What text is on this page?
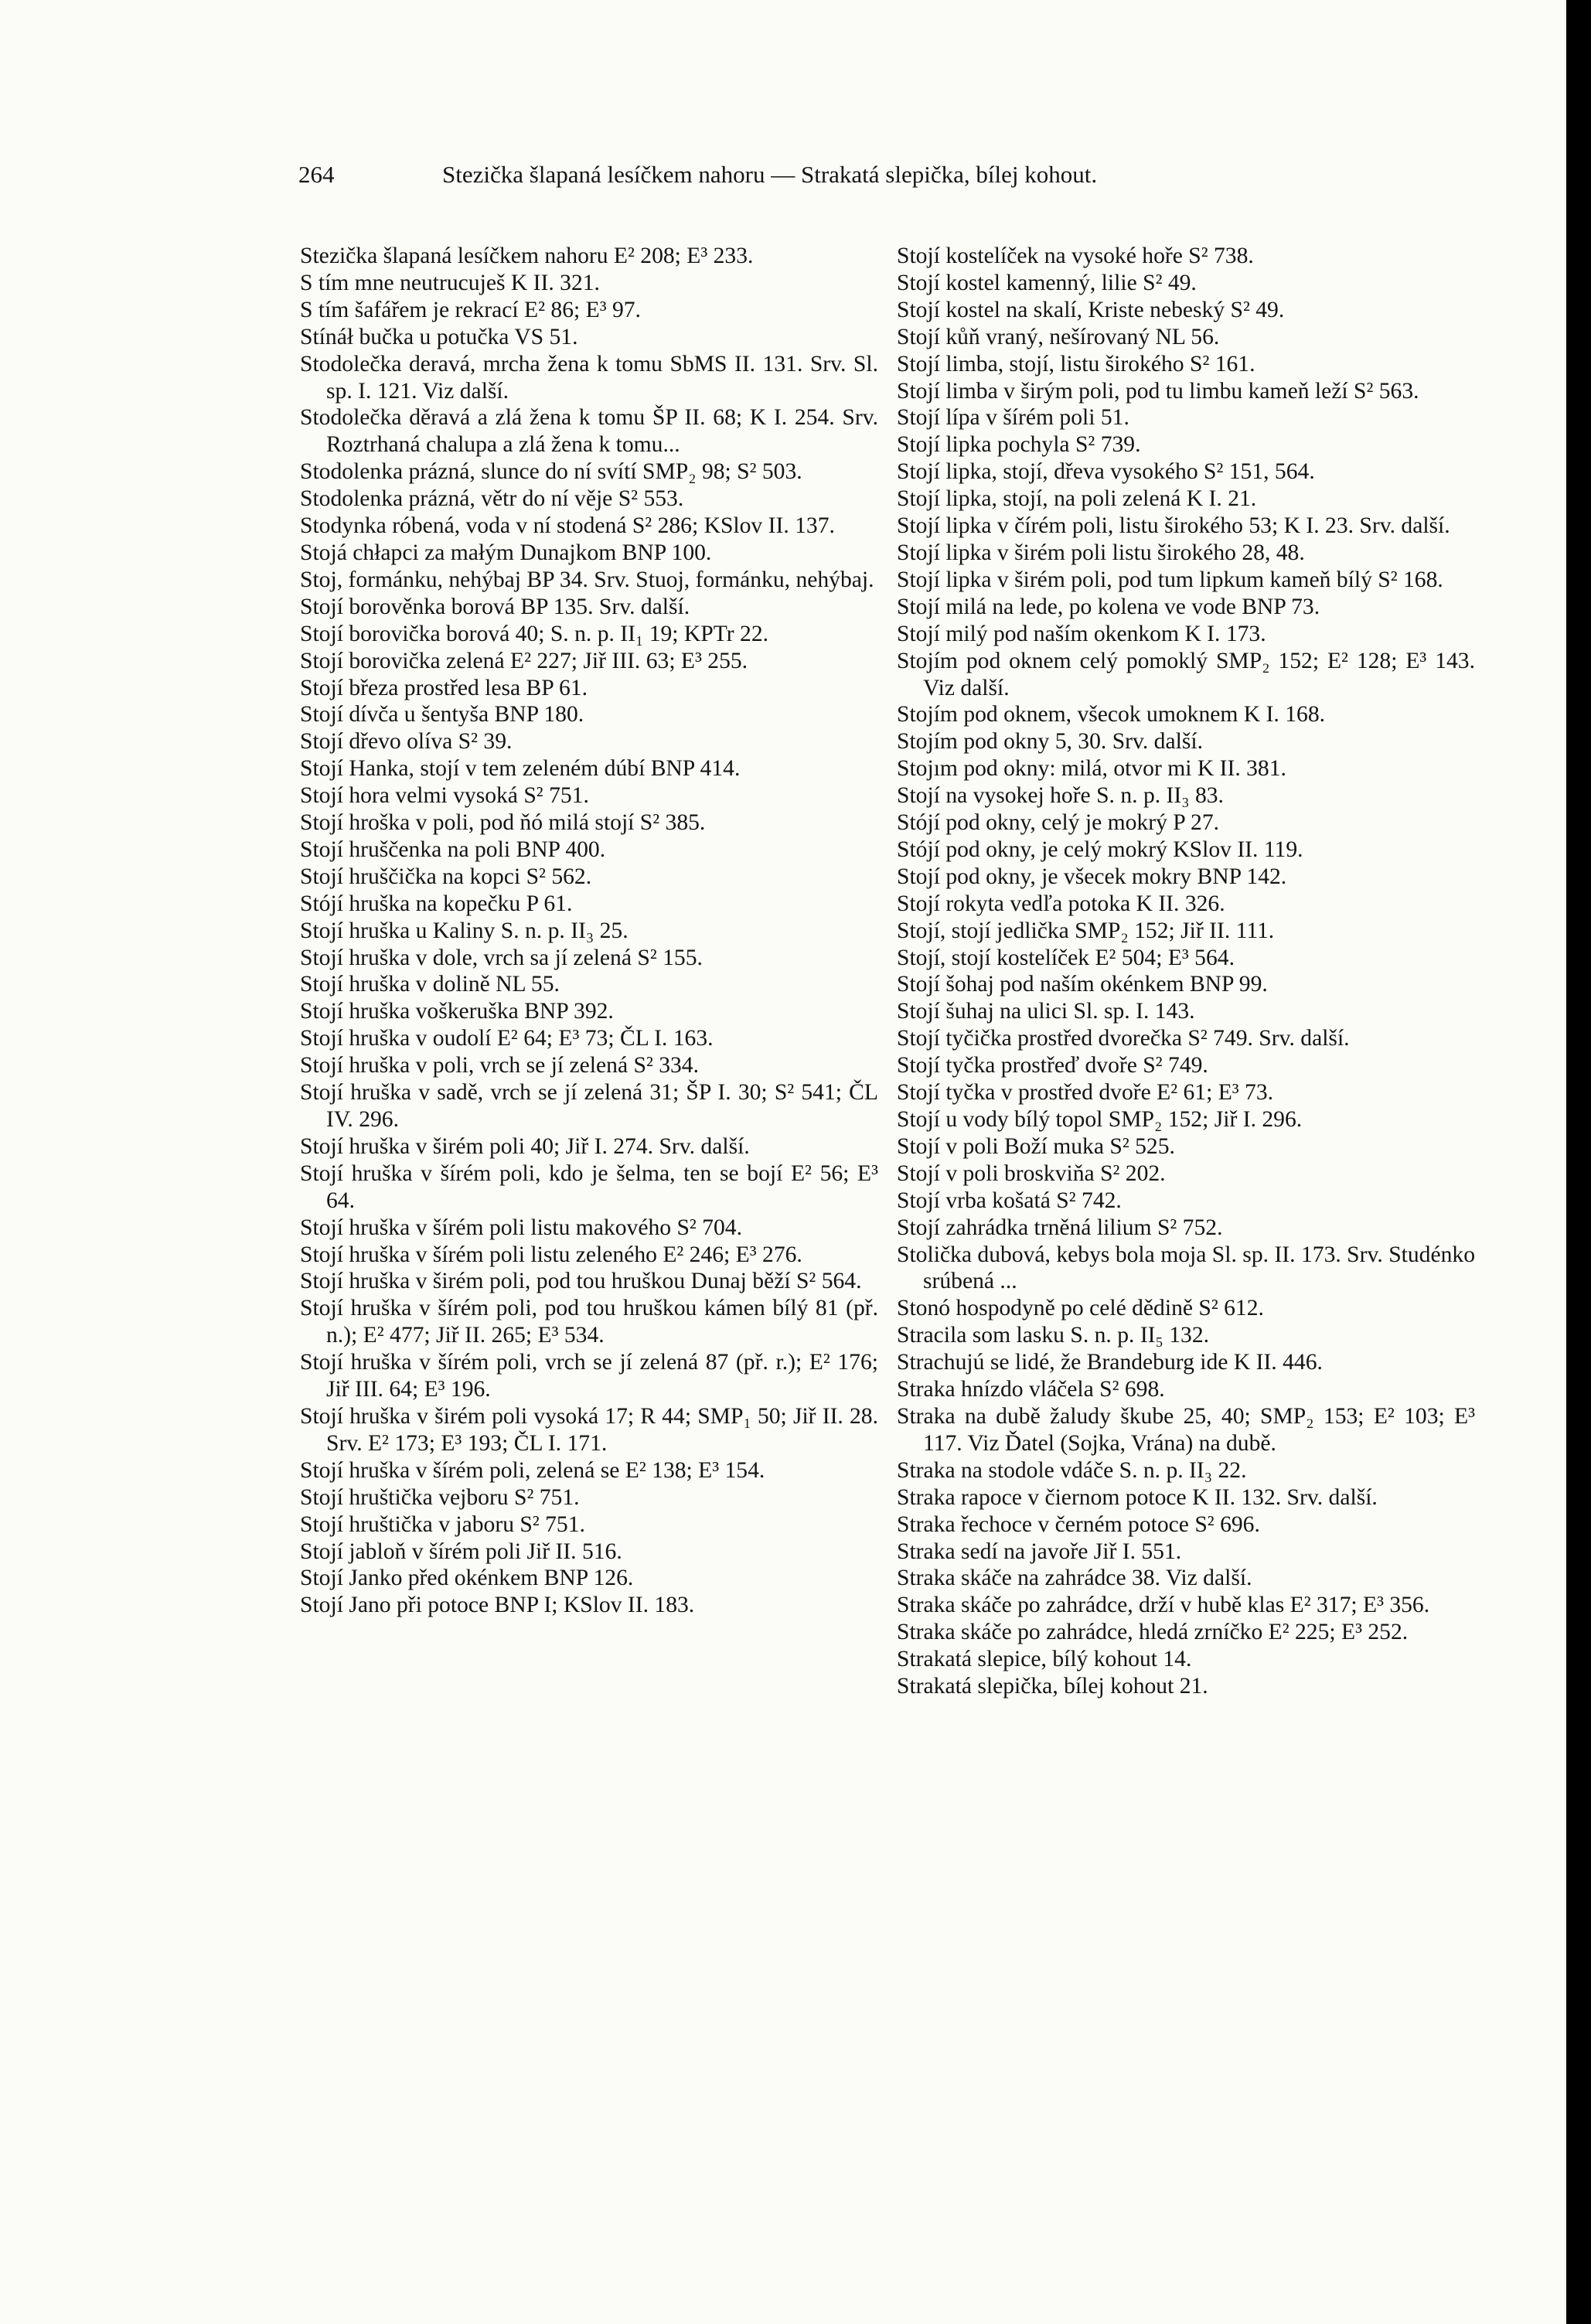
264	Stezička šlapaná lesíčkem nahoru — Strakatá slepička, bílej kohout.

Stezička šlapaná lesíčkem nahoru E² 208; E³ 233.

S tím mne neutrucuješ K II. 321.

S tím šafářem je rekrací E² 86; E³ 97.

Stínáł bučka u potučka VS 51.

Stodolečka deravá, mrcha žena k tomu SbMS II. 131. Srv. Sl. sp. I. 121. Viz další.

Stodolečka děravá a zlá žena k tomu ŠP II. 68; K I. 254. Srv. Roztrhaná chalupa a zlá žena k tomu...

Stodolenka prázná, slunce do ní svítí SMP₂ 98; S² 503.

Stodolenka prázná, větr do ní věje S² 553.

Stodynka róbená, voda v ní stodená S² 286; KSlov II. 137.

Stojá chłapci za małým Dunajkom BNP 100.

Stoj, formánku, nehýbaj BP 34. Srv. Stuoj, formánku, nehýbaj.

Stojí borověnka borová BP 135. Srv. další.

Stojí borovička borová 40; S. n. p. II₁ 19; KPTr 22.

Stojí borovička zelená E² 227; Jiř III. 63; E³ 255.

Stojí březa prostřed lesa BP 61.

Stojí dívča u šentyša BNP 180.

Stojí dřevo olíva S² 39.

Stojí Hanka, stojí v tem zeleném dúbí BNP 414.

Stojí hora velmi vysoká S² 751.

Stojí hroška v poli, pod ňó milá stojí S² 385.

Stojí hruščenka na poli BNP 400.

Stojí hruščička na kopci S² 562.

Stójí hruška na kopečku P 61.

Stojí hruška u Kaliny S. n. p. II₃ 25.

Stojí hruška v dole, vrch sa jí zelená S² 155.

Stojí hruška v dolině NL 55.

Stojí hruška voškeruška BNP 392.

Stojí hruška v oudolí E² 64; E³ 73; ČL I. 163.

Stojí hruška v poli, vrch se jí zelená S² 334.

Stojí hruška v sadě, vrch se jí zelená 31; ŠP I. 30; S² 541; ČL IV. 296.

Stojí hruška v širém poli 40; Jiř I. 274. Srv. další.

Stojí hruška v šírém poli, kdo je šelma, ten se bojí E² 56; E³ 64.

Stojí hruška v šírém poli listu makového S² 704.

Stojí hruška v šírém poli listu zeleného E² 246; E³ 276.

Stojí hruška v širém poli, pod tou hruškou Dunaj běží S² 564.

Stojí hruška v šírém poli, pod tou hruškou kámen bílý 81 (př. n.); E² 477; Jiř II. 265; E³ 534.

Stojí hruška v šírém poli, vrch se jí zelená 87 (př. r.); E² 176; Jiř III. 64; E³ 196.

Stojí hruška v širém poli vysoká 17; R 44; SMP₁ 50; Jiř II. 28. Srv. E² 173; E³ 193; ČL I. 171.

Stojí hruška v šírém poli, zelená se E² 138; E³ 154.

Stojí hruštička vejboru S² 751.

Stojí hruštička v jaboru S² 751.

Stojí jabloň v šírém poli Jiř II. 516.

Stojí Janko před okénkem BNP 126.

Stojí Jano při potoce BNP I; KSlov II. 183.

Stojí kostelíček na vysoké hoře S² 738.

Stojí kostel kamenný, lilie S² 49.

Stojí kostel na skalí, Kriste nebeský S² 49.

Stojí kůň vraný, nešírovaný NL 56.

Stojí limba, stojí, listu širokého S² 161.

Stojí limba v širým poli, pod tu limbu kameň leží S² 563.

Stojí lípa v šírém poli 51.

Stojí lipka pochyla S² 739.

Stojí lipka, stojí, dřeva vysokého S² 151, 564.

Stojí lipka, stojí, na poli zelená K I. 21.

Stojí lipka v čírém poli, listu širokého 53; K I. 23. Srv. další.

Stojí lipka v širém poli listu širokého 28, 48.

Stojí lipka v širém poli, pod tum lipkum kameň bílý S² 168.

Stojí milá na lede, po kolena ve vode BNP 73.

Stojí milý pod naším okenkom K I. 173.

Stojím pod oknem celý pomoklý SMP₂ 152; E² 128; E³ 143. Viz další.

Stojím pod oknem, všecok umoknem K I. 168.

Stojím pod okny 5, 30. Srv. další.

Stojım pod okny: milá, otvor mi K II. 381.

Stojí na vysokej hoře S. n. p. II₃ 83.

Stójí pod okny, celý je mokrý P 27.

Stójí pod okny, je celý mokrý KSlov II. 119.

Stojí pod okny, je všecek mokry BNP 142.

Stojí rokyta vedľa potoka K II. 326.

Stojí, stojí jedlička SMP₂ 152; Jiř II. 111.

Stojí, stojí kostelíček E² 504; E³ 564.

Stojí šohaj pod naším okénkem BNP 99.

Stojí šuhaj na ulici Sl. sp. I. 143.

Stojí tyčička prostřed dvorečka S² 749. Srv. další.

Stojí tyčka prostřeď dvoře S² 749.

Stojí tyčka v prostřed dvoře E² 61; E³ 73.

Stojí u vody bílý topol SMP₂ 152; Jiř I. 296.

Stojí v poli Boží muka S² 525.

Stojí v poli broskviňa S² 202.

Stojí vrba košatá S² 742.

Stojí zahrádka trněná lilium S² 752.

Stolička dubová, kebys bola moja Sl. sp. II. 173. Srv. Studénko srúbená ...

Stonó hospodyně po celé dědině S² 612.

Stracila som lasku S. n. p. II₅ 132.

Strachujú se lidé, že Brandeburg ide K II. 446.

Straka hnízdo vláčela S² 698.

Straka na dubě žaludy škube 25, 40; SMP₂ 153; E² 103; E³ 117. Viz Ďatel (Sojka, Vrána) na dubě.

Straka na stodole vdáče S. n. p. II₃ 22.

Straka rapoce v čiernom potoce K II. 132. Srv. další.

Straka řechoce v černém potoce S² 696.

Straka sedí na javoře Jiř I. 551.

Straka skáče na zahrádce 38. Viz další.

Straka skáče po zahrádce, drží v hubě klas E² 317; E³ 356.

Straka skáče po zahrádce, hledá zrníčko E² 225; E³ 252.

Strakatá slepice, bílý kohout 14.

Strakatá slepička, bílej kohout 21.
